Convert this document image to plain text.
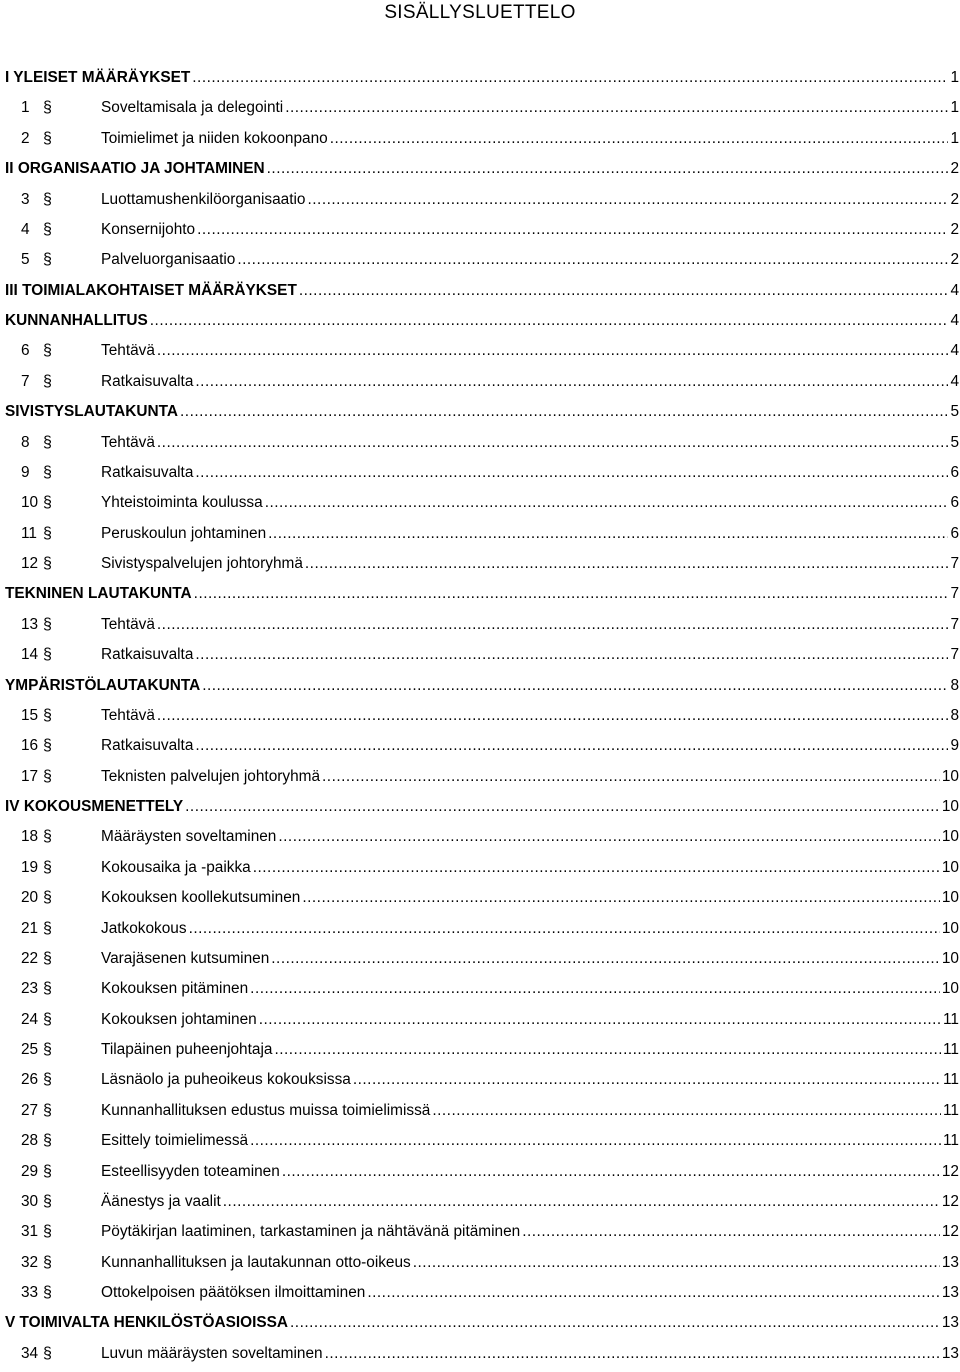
SISÄLLYSLUETTELO
I YLEISET MÄÄRÄYKSET .....	1
1 §	Soveltamisala ja delegointi .....	1
2 §	Toimielimet ja niiden kokoonpano .....	1
II ORGANISAATIO JA JOHTAMINEN .....	2
3 §	Luottamushenkilöorganisaatio .....	2
4 §	Konsernijohto .....	2
5 §	Palveluorganisaatio .....	2
III TOIMIALAKOHTAISET MÄÄRÄYKSET .....	4
KUNNANHALLITUS .....	4
6 §	Tehtävä .....	4
7 §	Ratkaisuvalta .....	4
SIVISTYSLAUTAKUNTA .....	5
8 §	Tehtävä .....	5
9 §	Ratkaisuvalta .....	6
10 §	Yhteistoiminta koulussa .....	6
11 §	Peruskoulun johtaminen .....	6
12 §	Sivistyspalvelujen johtoryhmä .....	7
TEKNINEN LAUTAKUNTA .....	7
13 §	Tehtävä .....	7
14 §	Ratkaisuvalta .....	7
YMPÄRISTÖLAUTAKUNTA .....	8
15 §	Tehtävä .....	8
16 §	Ratkaisuvalta .....	9
17 §	Teknisten palvelujen johtoryhmä .....	10
IV KOKOUSMENETTELY .....	10
18 §	Määräysten soveltaminen .....	10
19 §	Kokousaika ja -paikka .....	10
20 §	Kokouksen koollekutsuminen .....	10
21 §	Jatkokokous .....	10
22 §	Varajäsenen kutsuminen .....	10
23 §	Kokouksen pitäminen .....	10
24 §	Kokouksen johtaminen .....	11
25 §	Tilapäinen puheenjohtaja .....	11
26 §	Läsnäolo ja puheoikeus kokouksissa .....	11
27 §	Kunnanhallituksen edustus muissa toimielimissä .....	11
28 §	Esittely toimielimessä .....	11
29 §	Esteellisyyden toteaminen .....	12
30 §	Äänestys ja vaalit .....	12
31 §	Pöytäkirjan laatiminen, tarkastaminen ja nähtävänä pitäminen .....	12
32 §	Kunnanhallituksen ja lautakunnan otto-oikeus .....	13
33 §	Ottokelpoisen päätöksen ilmoittaminen .....	13
V TOIMIVALTA HENKILÖSTÖASIOISSA .....	13
34 §	Luvun määräysten soveltaminen .....	13
